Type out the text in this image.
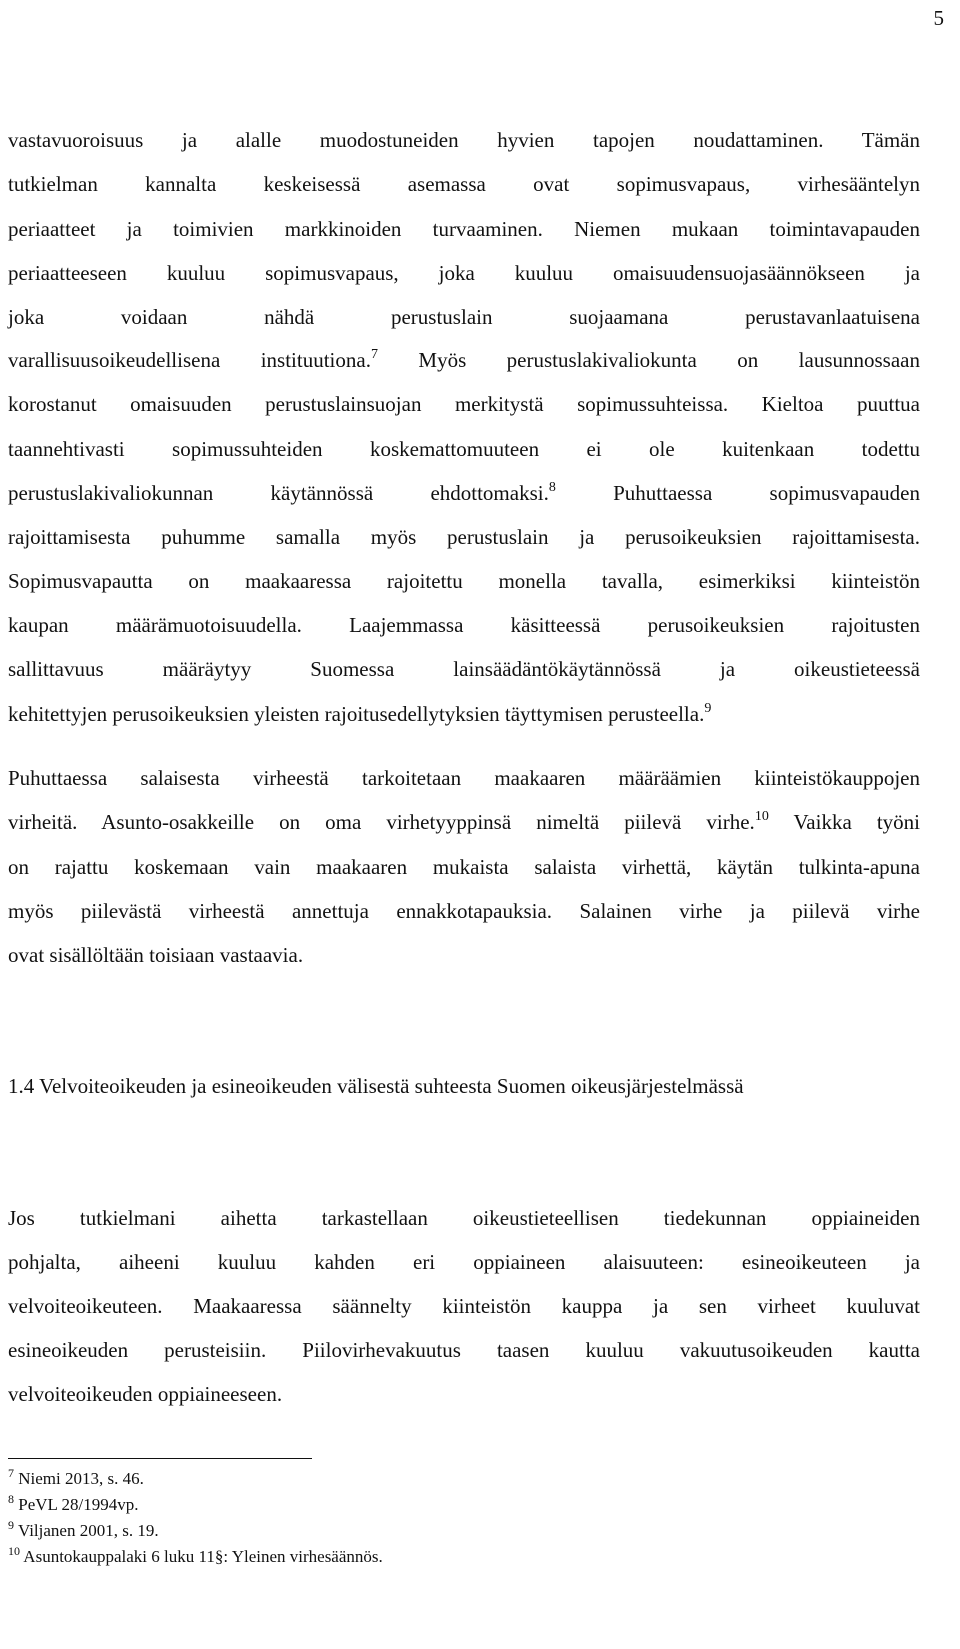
5
vastavuoroisuus ja alalle muodostuneiden hyvien tapojen noudattaminen. Tämän
tutkielman kannalta keskeisessä asemassa ovat sopimusvapaus, virhesääntelyn
periaatteet ja toimivien markkinoiden turvaaminen. Niemen mukaan toimintavapauden
periaatteeseen kuuluu sopimusvapaus, joka kuuluu omaisuudensuojasäännökseen ja
joka voidaan nähdä perustuslain suojaamana perustavanlaatuisena
varallisuusoikeudellisena instituutiona.$^7$ Myös perustuslakivaliokunta on lausunnossaan
korostanut omaisuuden perustuslainsuojan merkitystä sopimussuhteissa. Kieltoa puuttua
taannehtivasti sopimussuhteiden koskemattomuuteen ei ole kuitenkaan todettu
perustuslakivaliokunnan käytännössä ehdottomaksi.$^8$ Puhuttaessa sopimusvapauden
rajoittamisesta puhumme samalla myös perustuslain ja perusoikeuksien rajoittamisesta.
Sopimusvapautta on maakaaressa rajoitettu monella tavalla, esimerkiksi kiinteistön
kaupan määrämuotoisuudella. Laajemmassa käsitteessä perusoikeuksien rajoitusten
sallittavuus määräytyy Suomessa lainsäädäntökäytännössä ja oikeustieteessä
kehitettyjen perusoikeuksien yleisten rajoitusedellytyksien täyttymisen perusteella.$^9$
Puhuttaessa salaisesta virheestä tarkoitetaan maakaaren määräämien kiinteistökauppojen
virheitä. Asunto-osakkeille on oma virhetyyppinsä nimeltä piilevä virhe.$^{10}$ Vaikka työni
on rajattu koskemaan vain maakaaren mukaista salaista virhettä, käytän tulkinta-apuna
myös piilevästä virheestä annettuja ennakkotapauksia. Salainen virhe ja piilevä virhe
ovat sisällöltään toisiaan vastaavia.
1.4 Velvoiteoikeuden ja esineoikeuden välisestä suhteesta Suomen oikeusjärjestelmässä
Jos tutkielmani aihetta tarkastellaan oikeustieteellisen tiedekunnan oppiaineiden
pohjalta, aiheeni kuuluu kahden eri oppiaineen alaisuuteen: esineoikeuteen ja
velvoiteoikeuteen. Maakaaressa säännelty kiinteistön kauppa ja sen virheet kuuluvat
esineoikeuden perusteisiin. Piilovirhevakuutus taasen kuuluu vakuutusoikeuden kautta
velvoiteoikeuden oppiaineeseen.
$^7$ Niemi 2013, s. 46.
$^8$ PeVL 28/1994vp.
$^9$ Viljanen 2001, s. 19.
$^{10}$ Asuntokauppalaki 6 luku 11§: Yleinen virhesäännös.
